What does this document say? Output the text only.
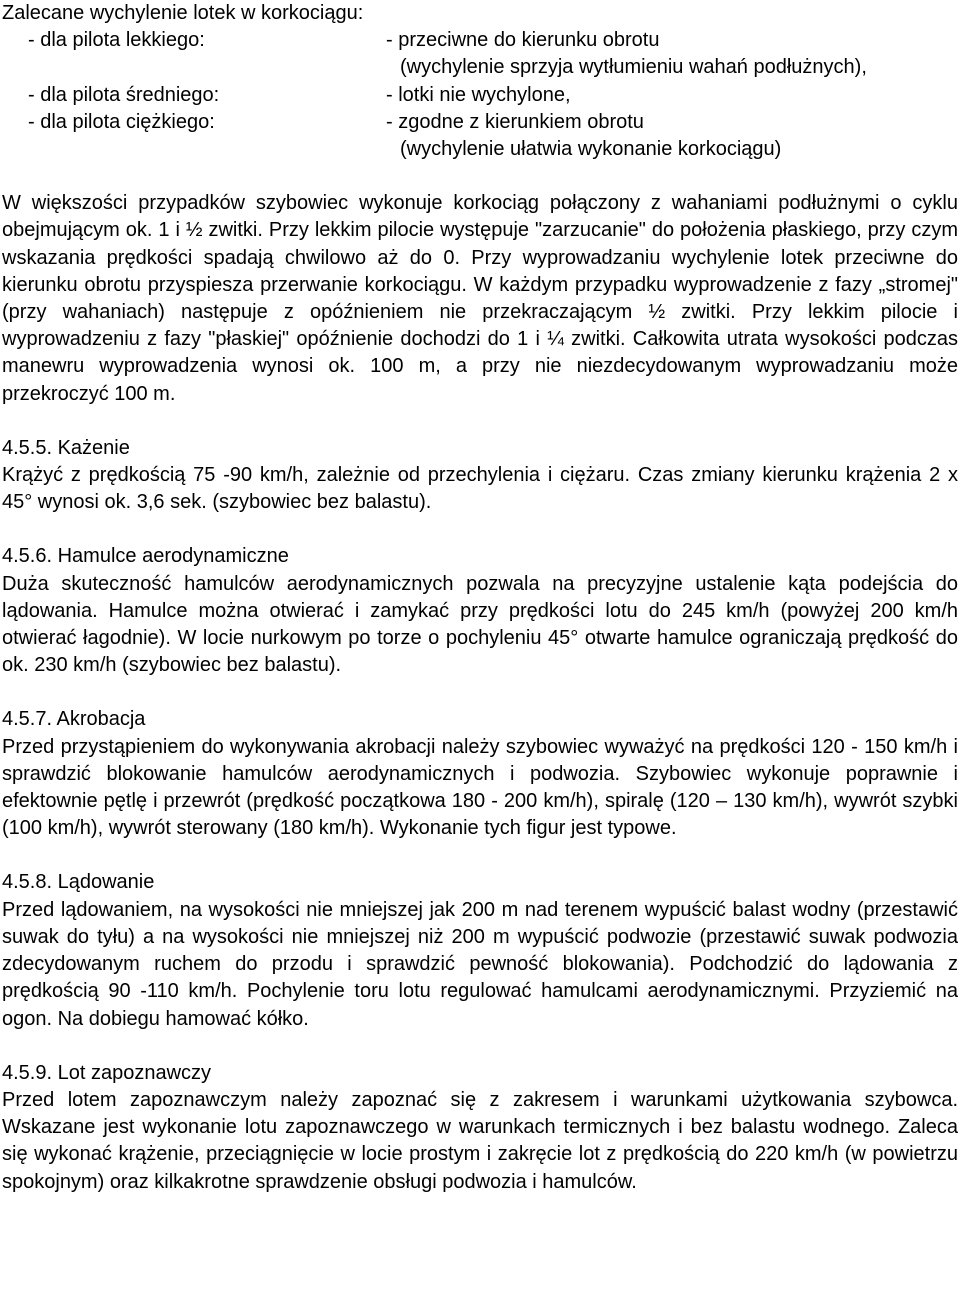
Zalecane wychylenie lotek w korkociągu:
- dla pilota lekkiego:	- przeciwne do kierunku obrotu
(wychylenie sprzyja wytłumieniu wahań podłużnych),
- dla pilota średniego:	- lotki nie wychylone,
- dla pilota ciężkiego:	- zgodne z kierunkiem obrotu
(wychylenie ułatwia wykonanie korkociągu)

W większości przypadków szybowiec wykonuje korkociąg połączony z wahaniami podłużnymi o cyklu obejmującym ok. 1 i ½ zwitki. Przy lekkim pilocie występuje "zarzucanie" do położenia płaskiego, przy czym wskazania prędkości spadają chwilowo aż do 0. Przy wyprowadzaniu wychylenie lotek przeciwne do kierunku obrotu przyspiesza przerwanie korkociągu. W każdym przypadku wyprowadzenie z fazy „stromej" (przy wahaniach) następuje z opóźnieniem nie przekraczającym ½ zwitki. Przy lekkim pilocie i wyprowadzeniu z fazy "płaskiej" opóźnienie dochodzi do 1 i ¼ zwitki. Całkowita utrata wysokości podczas manewru wyprowadzenia wynosi ok. 100 m, a przy nie niezdecydowanym wyprowadzaniu może przekroczyć 100 m.

4.5.5. Każenie

Krążyć z prędkością 75 -90 km/h, zależnie od przechylenia i ciężaru. Czas zmiany kierunku krążenia 2 x 45° wynosi ok. 3,6 sek. (szybowiec bez balastu).

4.5.6. Hamulce aerodynamiczne

Duża skuteczność hamulców aerodynamicznych pozwala na precyzyjne ustalenie kąta podejścia do lądowania. Hamulce można otwierać i zamykać przy prędkości lotu do 245 km/h (powyżej 200 km/h otwierać łagodnie). W locie nurkowym po torze o pochyleniu 45° otwarte hamulce ograniczają prędkość do ok. 230 km/h (szybowiec bez balastu).

4.5.7. Akrobacja

Przed przystąpieniem do wykonywania akrobacji należy szybowiec wyważyć na prędkości 120 - 150 km/h i sprawdzić blokowanie hamulców aerodynamicznych i podwozia. Szybowiec wykonuje poprawnie i efektownie pętlę i przewrót (prędkość początkowa 180 - 200 km/h), spiralę (120 – 130 km/h), wywrót szybki (100 km/h), wywrót sterowany (180 km/h). Wykonanie tych figur jest typowe.

4.5.8. Lądowanie

Przed lądowaniem, na wysokości nie mniejszej jak 200 m nad terenem wypuścić balast wodny (przestawić suwak do tyłu) a na wysokości nie mniejszej niż 200 m wypuścić podwozie (przestawić suwak podwozia zdecydowanym ruchem do przodu i sprawdzić pewność blokowania). Podchodzić do lądowania z prędkością 90 -110 km/h. Pochylenie toru lotu regulować hamulcami aerodynamicznymi. Przyziemić na ogon. Na dobiegu hamować kółko.

4.5.9. Lot zapoznawczy

Przed lotem zapoznawczym należy zapoznać się z zakresem i warunkami użytkowania szybowca. Wskazane jest wykonanie lotu zapoznawczego w warunkach termicznych i bez balastu wodnego. Zaleca się wykonać krążenie, przeciągnięcie w locie prostym i zakręcie lot z prędkością do 220 km/h (w powietrzu spokojnym) oraz kilkakrotne sprawdzenie obsługi podwozia i hamulców.
